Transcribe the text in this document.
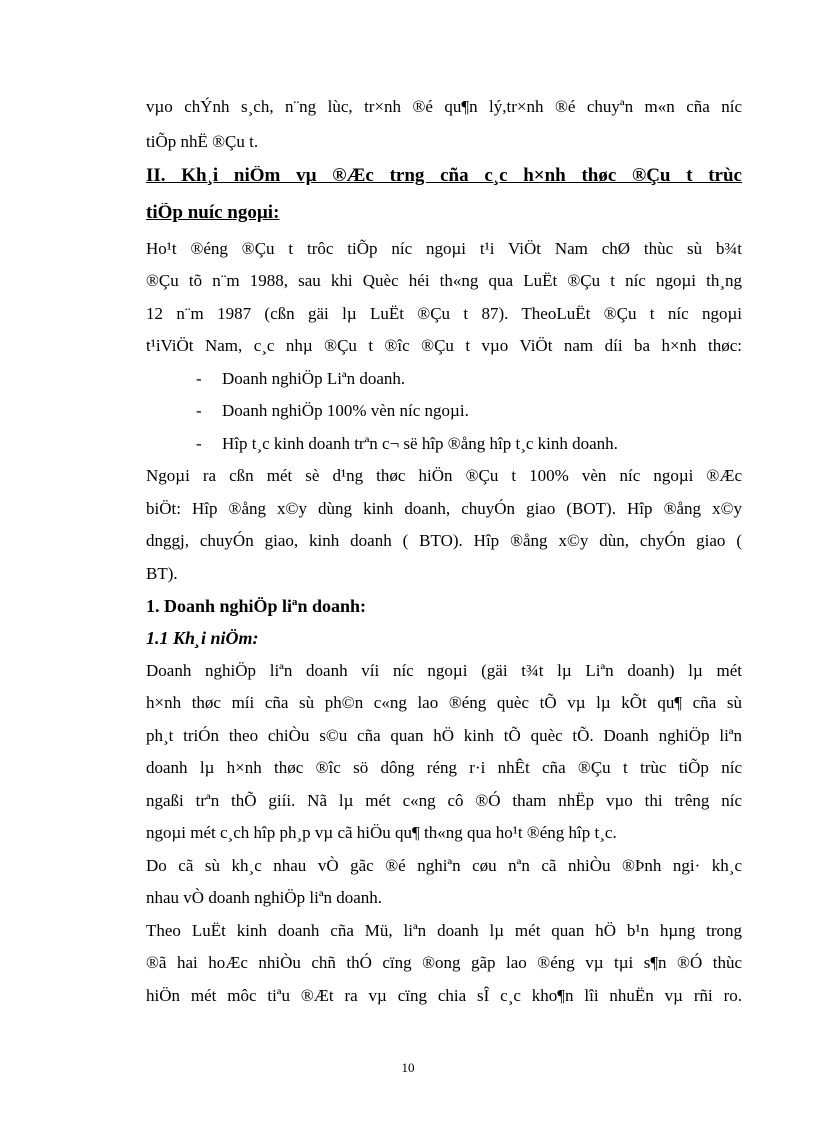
vµo chÝnh s¸ch, n¨ng lùc, tr×nh ®é qu¶n lý,tr×nh ®é chuyªn m«n cña níc
tiÕp nhË ®Çu t.
II. Kh¸i niÖm vµ ®Æc trng cña c¸c h×nh thøc ®Çu t trùc
tiÕp nuíc ngoµi:
Ho¹t ®éng ®Çu t trôc tiÕp níc ngoµi t¹i ViÖt Nam chØ thùc sù b¾t
®Çu tõ n¨m 1988, sau khi Quèc héi th«ng qua LuËt ®Çu t níc ngoµi th¸ng
12 n¨m 1987 (cßn gäi lµ LuËt ®Çu t 87). TheoLuËt ®Çu t níc ngoµi
t¹iViÖt Nam, c¸c nhµ ®Çu t ®îc ®Çu t vµo ViÖt nam díi ba h×nh thøc:
- Doanh nghiÖp Liªn doanh.
- Doanh nghiÖp 100% vèn níc ngoµi.
- Hîp t¸c kinh doanh trªn c¬ së hîp ®ång hîp t¸c kinh doanh.
Ngoµi ra cßn mét sè d¹ng thøc hiÖn ®Çu t 100% vèn níc ngoµi ®Æc
biÖt: Hîp ®ång x©y dùng kinh doanh, chuyÓn giao (BOT). Hîp ®ång x©y
dnggj, chuyÓn giao, kinh doanh ( BTO). Hîp ®ång x©y dùn, chyÓn giao (
BT).
1. Doanh nghiÖp liªn doanh:
1.1 Kh¸i niÖm:
Doanh nghiÖp liªn doanh víi níc ngoµi (gäi t¾t lµ Liªn doanh) lµ mét
h×nh thøc míi cña sù ph©n c«ng lao ®éng quèc tÕ vµ lµ kÕt qu¶ cña sù
ph¸t triÓn theo chiÒu s©u cña quan hÖ kinh tÕ quèc tÕ. Doanh nghiÖp liªn
doanh lµ h×nh thøc ®îc sö dông réng r·i nhÊt cña ®Çu t trùc tiÕp níc
ngaßi trªn thÕ giíi. Nã lµ mét c«ng cô ®Ó tham nhËp vµo thi trêng níc
ngoµi mét c¸ch hîp ph¸p vµ cã hiÖu qu¶ th«ng qua ho¹t ®éng hîp t¸c.
Do cã sù kh¸c nhau vÒ gãc ®é nghiªn cøu nªn cã nhiÒu ®Þnh ngi· kh¸c
nhau vÒ doanh nghiÖp liªn doanh.
Theo LuËt kinh doanh cña Mü, liªn doanh lµ mét quan hÖ b¹n hµng trong
®ã hai hoÆc nhiÒu chñ thÓ cïng ®ong gãp lao ®éng vµ tµi s¶n ®Ó thùc
hiÖn mét môc tiªu ®Æt ra vµ cïng chia sÎ c¸c kho¶n lîi nhuËn vµ rñi ro.
10
